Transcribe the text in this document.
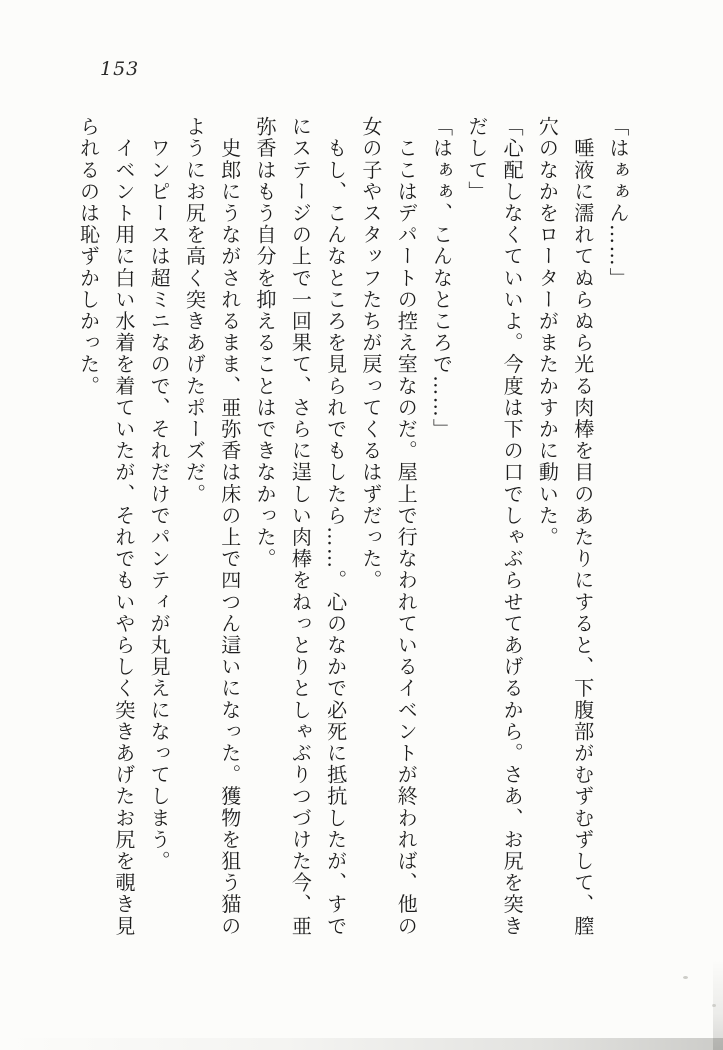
153

「はぁぁん……」

　唾液に濡れてぬらぬら光る肉棒を目のあたりにすると、下腹部がむずむずして、膣

穴のなかをローターがまたかすかに動いた。

「心配しなくていいよ。今度は下の口でしゃぶらせてあげるから。さあ、お尻を突き

だして」

「はぁぁ、こんなところで……」

　ここはデパートの控え室なのだ。屋上で行なわれているイベントが終われば、他の

女の子やスタッフたちが戻ってくるはずだった。

　もし、こんなところを見られでもしたら……。心のなかで必死に抵抗したが、すで

にステージの上で一回果て、さらに逞しい肉棒をねっとりとしゃぶりつづけた今、亜

弥香はもう自分を抑えることはできなかった。

　史郎にうながされるまま、亜弥香は床の上で四つん這いになった。獲物を狙う猫の

ようにお尻を高く突きあげたポーズだ。

　ワンピースは超ミニなので、それだけでパンティが丸見えになってしまう。

　イベント用に白い水着を着ていたが、それでもいやらしく突きあげたお尻を覗き見

られるのは恥ずかしかった。
